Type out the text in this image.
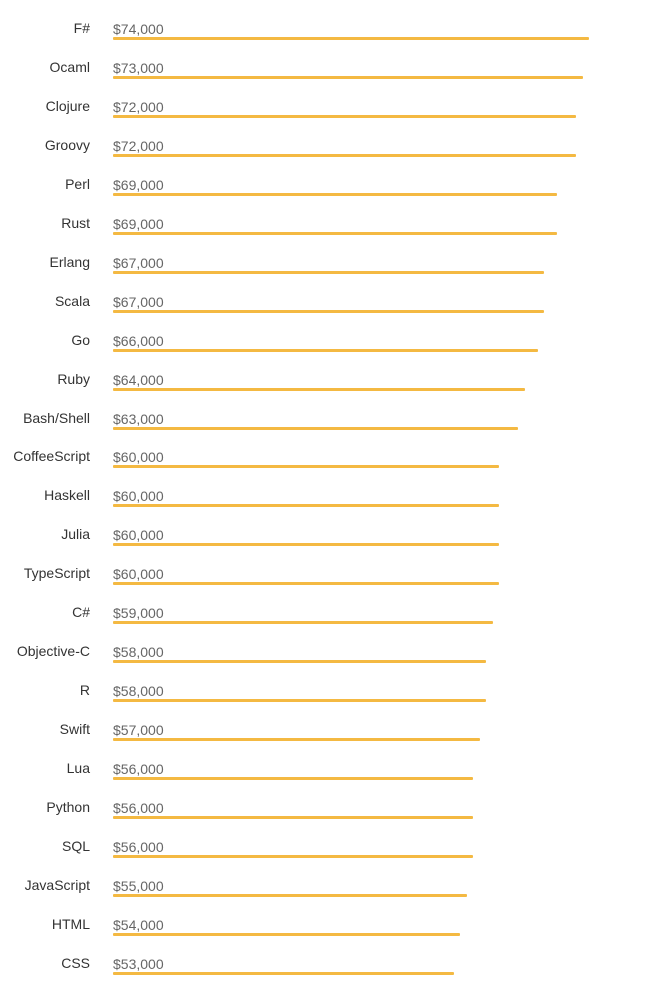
F# $74,000
Ocaml $73,000
Clojure $72,000
Groovy $72,000
Perl $69,000
Rust $69,000
Erlang $67,000
Scala $67,000
Go $66,000
Ruby $64,000
Bash/Shell $63,000
CoffeeScript $60,000
Haskell $60,000
Julia $60,000
TypeScript $60,000
C# $59,000
Objective-C $58,000
R $58,000
Swift $57,000
Lua $56,000
Python $56,000
SQL $56,000
JavaScript $55,000
HTML $54,000
CSS $53,000
